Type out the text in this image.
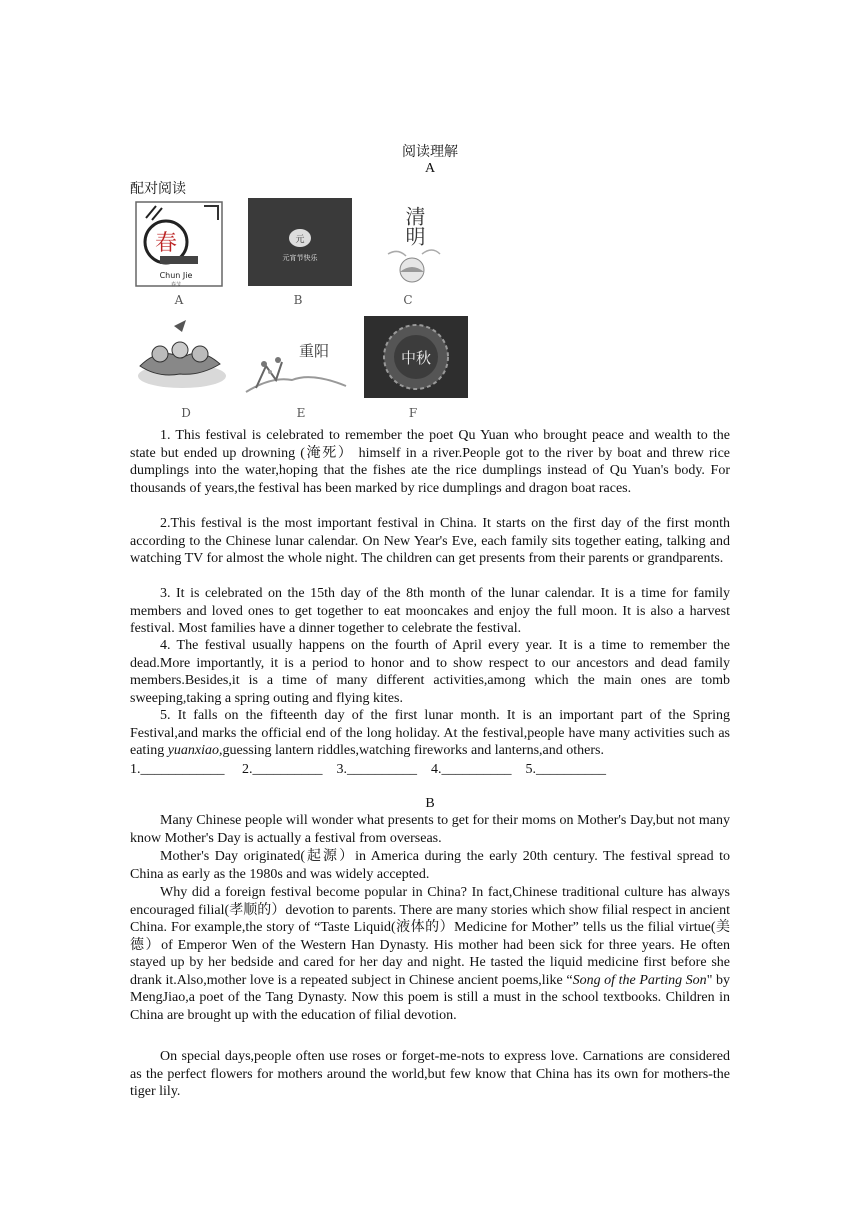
阅读理解
A
配对阅读
春
Chun Jie
春节
A
元
元宵节快乐
B
清明
C
D
重阳
E
中秋
F

1. This festival is celebrated to remember the poet Qu Yuan who brought peace and wealth to the state but ended up drowning (淹死） himself in a river.People got to the river by boat and threw rice dumplings into the water,hoping that the fishes ate the rice dumplings instead of Qu Yuan's body. For thousands of years,the festival has been marked by rice dumplings and dragon boat races.

2.This festival is the most important festival in China. It starts on the first day of the first month according to the Chinese lunar calendar. On New Year's Eve, each family sits together eating, talking and watching TV for almost the whole night. The children can get presents from their parents or grandparents.

3. It is celebrated on the 15th day of the 8th month of the lunar calendar. It is a time for family members and loved ones to get together to eat mooncakes and enjoy the full moon. It is also a harvest festival. Most families have a dinner together to celebrate the festival.

4. The festival usually happens on the fourth of April every year. It is a time to remember the dead.More importantly, it is a period to honor and to show respect to our ancestors and dead family members.Besides,it is a time of many different activities,among which the main ones are tomb sweeping,taking a spring outing and flying kites.

5. It falls on the fifteenth day of the first lunar month. It is an important part of the Spring Festival,and marks the official end of the long holiday. At the festival,people have many activities such as eating yuanxiao,guessing lantern riddles,watching fireworks and lanterns,and others.

1.____________     2.__________    3.__________    4.__________    5.__________
B

Many Chinese people will wonder what presents to get for their moms on Mother's Day,but not many know Mother's Day is actually a festival from overseas.

Mother's Day originated(起源）in America during the early 20th century. The festival spread to China as early as the 1980s and was widely accepted.

Why did a foreign festival become popular in China? In fact,Chinese traditional culture has always encouraged filial(孝顺的）devotion to parents. There are many stories which show filial respect in ancient China. For example,the story of “Taste Liquid(液体的）Medicine for Mother” tells us the filial virtue(美德）of Emperor Wen of the Western Han Dynasty. His mother had been sick for three years. He often stayed up by her bedside and cared for her day and night. He tasted the liquid medicine first before she drank it.Also,mother love is a repeated subject in Chinese ancient poems,like “Song of the Parting Son" by MengJiao,a poet of the Tang Dynasty. Now this poem is still a must in the school textbooks. Children in China are brought up with the education of filial devotion.

On special days,people often use roses or forget-me-nots to express love. Carnations are considered as the perfect flowers for mothers around the world,but few know that China has its own for mothers-the tiger lily.
